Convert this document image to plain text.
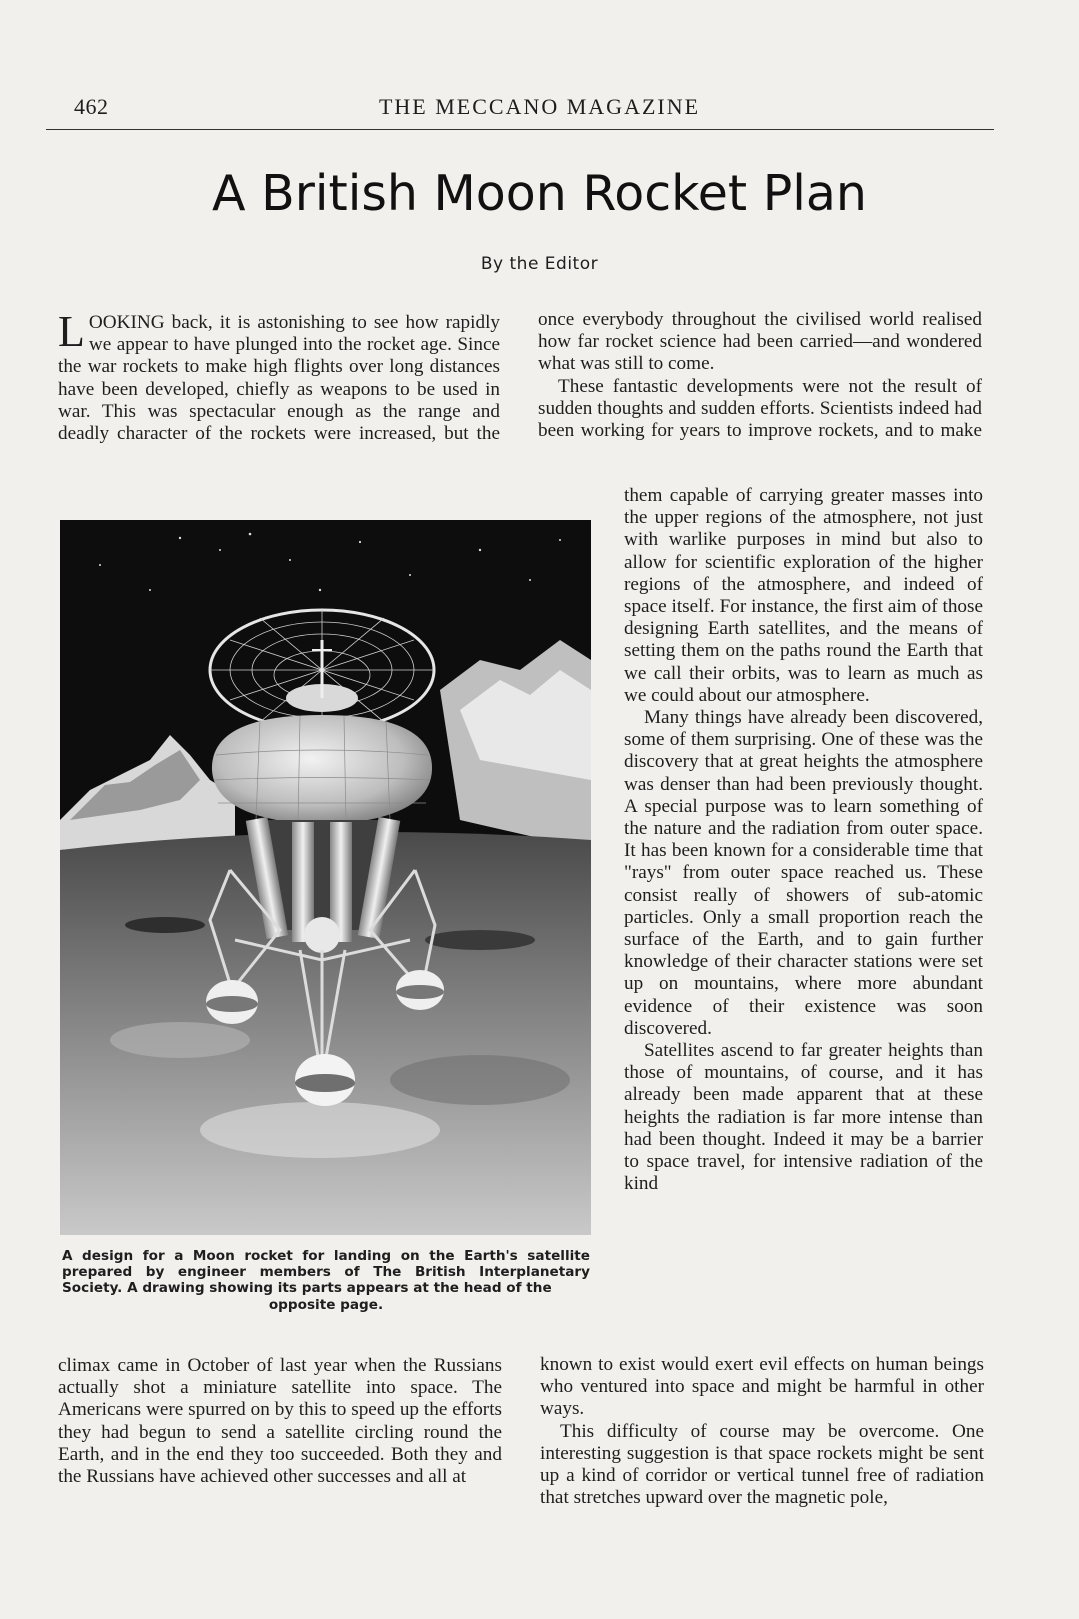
462	THE MECCANO MAGAZINE
A British Moon Rocket Plan
By the Editor

LOOKING back, it is astonishing to see how rapidly we appear to have plunged into the rocket age. Since the war rockets to make high flights over long distances have been developed, chiefly as weapons to be used in war. This was spectacular enough as the range and deadly character of the rockets were increased, but the

A design for a Moon rocket for landing on the Earth's satellite prepared by engineer members of The British Interplanetary Society. A drawing showing its parts appears at the head of the
opposite page.

climax came in October of last year when the Russians actually shot a miniature satellite into space. The Americans were spurred on by this to speed up the efforts they had begun to send a satellite circling round the Earth, and in the end they too succeeded. Both they and the Russians have achieved other successes and all at

once everybody throughout the civilised world realised how far rocket science had been carried—and wondered what was still to come.

These fantastic developments were not the result of sudden thoughts and sudden efforts. Scientists indeed had been working for years to improve rockets, and to make

them capable of carrying greater masses into the upper regions of the atmosphere, not just with warlike purposes in mind but also to allow for scientific exploration of the higher regions of the atmosphere, and indeed of space itself. For instance, the first aim of those designing Earth satellites, and the means of setting them on the paths round the Earth that we call their orbits, was to learn as much as we could about our atmosphere.

Many things have already been discovered, some of them surprising. One of these was the discovery that at great heights the atmosphere was denser than had been previously thought. A special purpose was to learn something of the nature and the radiation from outer space. It has been known for a considerable time that "rays" from outer space reached us. These consist really of showers of sub-atomic particles. Only a small proportion reach the surface of the Earth, and to gain further knowledge of their character stations were set up on mountains, where more abundant evidence of their existence was soon discovered.

Satellites ascend to far greater heights than those of mountains, of course, and it has already been made apparent that at these heights the radiation is far more intense than had been thought. Indeed it may be a barrier to space travel, for intensive radiation of the kind

known to exist would exert evil effects on human beings who ventured into space and might be harmful in other ways.

This difficulty of course may be overcome. One interesting suggestion is that space rockets might be sent up a kind of corridor or vertical tunnel free of radiation that stretches upward over the magnetic pole,
